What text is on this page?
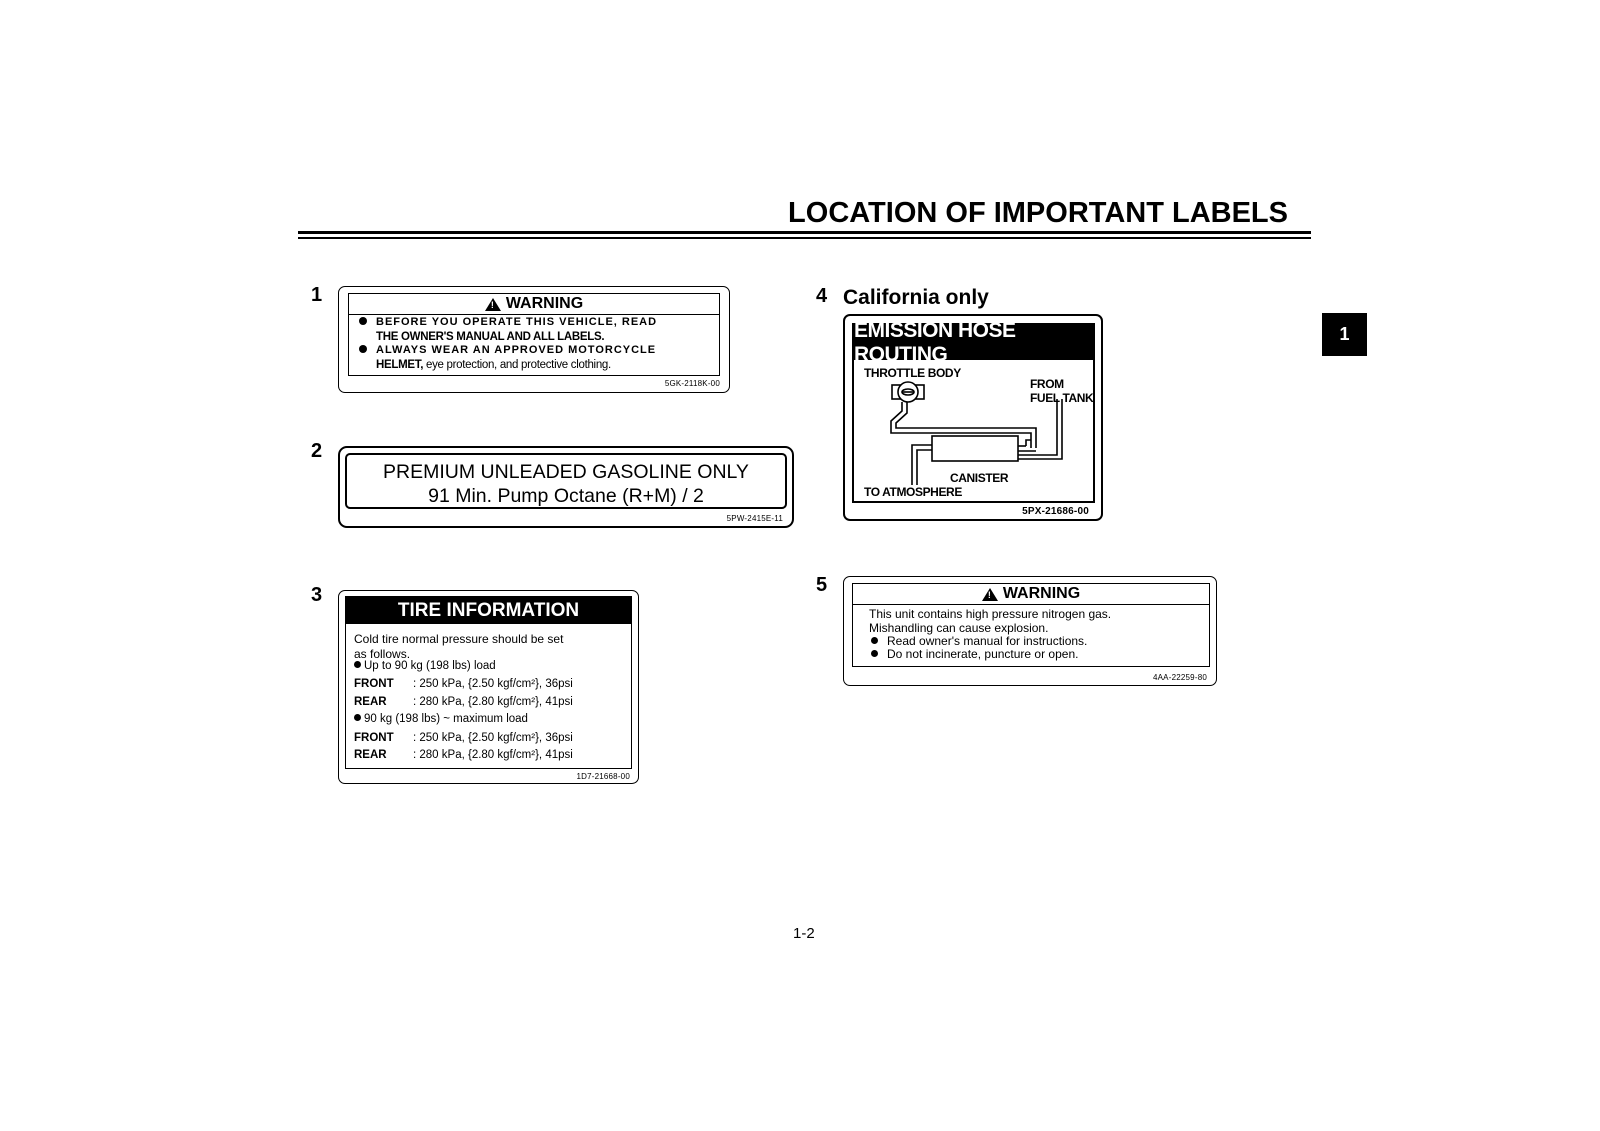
LOCATION OF IMPORTANT LABELS
1
1	! WARNING
BEFORE YOU OPERATE THIS VEHICLE, READ
THE OWNER'S MANUAL AND ALL LABELS.
ALWAYS WEAR AN APPROVED MOTORCYCLE
HELMET, eye protection, and protective clothing.
5GK-2118K-00
2
PREMIUM UNLEADED GASOLINE ONLY
91 Min. Pump Octane (R+M) / 2
5PW-2415E-11
3
TIRE INFORMATION
Cold tire normal pressure should be set
as follows.
Up to 90 kg (198 lbs) load
FRONT : 250 kPa, {2.50 kgf/cm²}, 36psi
REAR : 280 kPa, {2.80 kgf/cm²}, 41psi
90 kg (198 lbs) ~ maximum load
FRONT : 250 kPa, {2.50 kgf/cm²}, 36psi
REAR : 280 kPa, {2.80 kgf/cm²}, 41psi
1D7-21668-00
4 California only
EMISSION HOSE ROUTING
THROTTLE BODY
FROM
FUEL TANK
CANISTER
TO ATMOSPHERE
5PX-21686-00
5	! WARNING
This unit contains high pressure nitrogen gas.
Mishandling can cause explosion.
Read owner's manual for instructions.
Do not incinerate, puncture or open.
4AA-22259-80
1-2
